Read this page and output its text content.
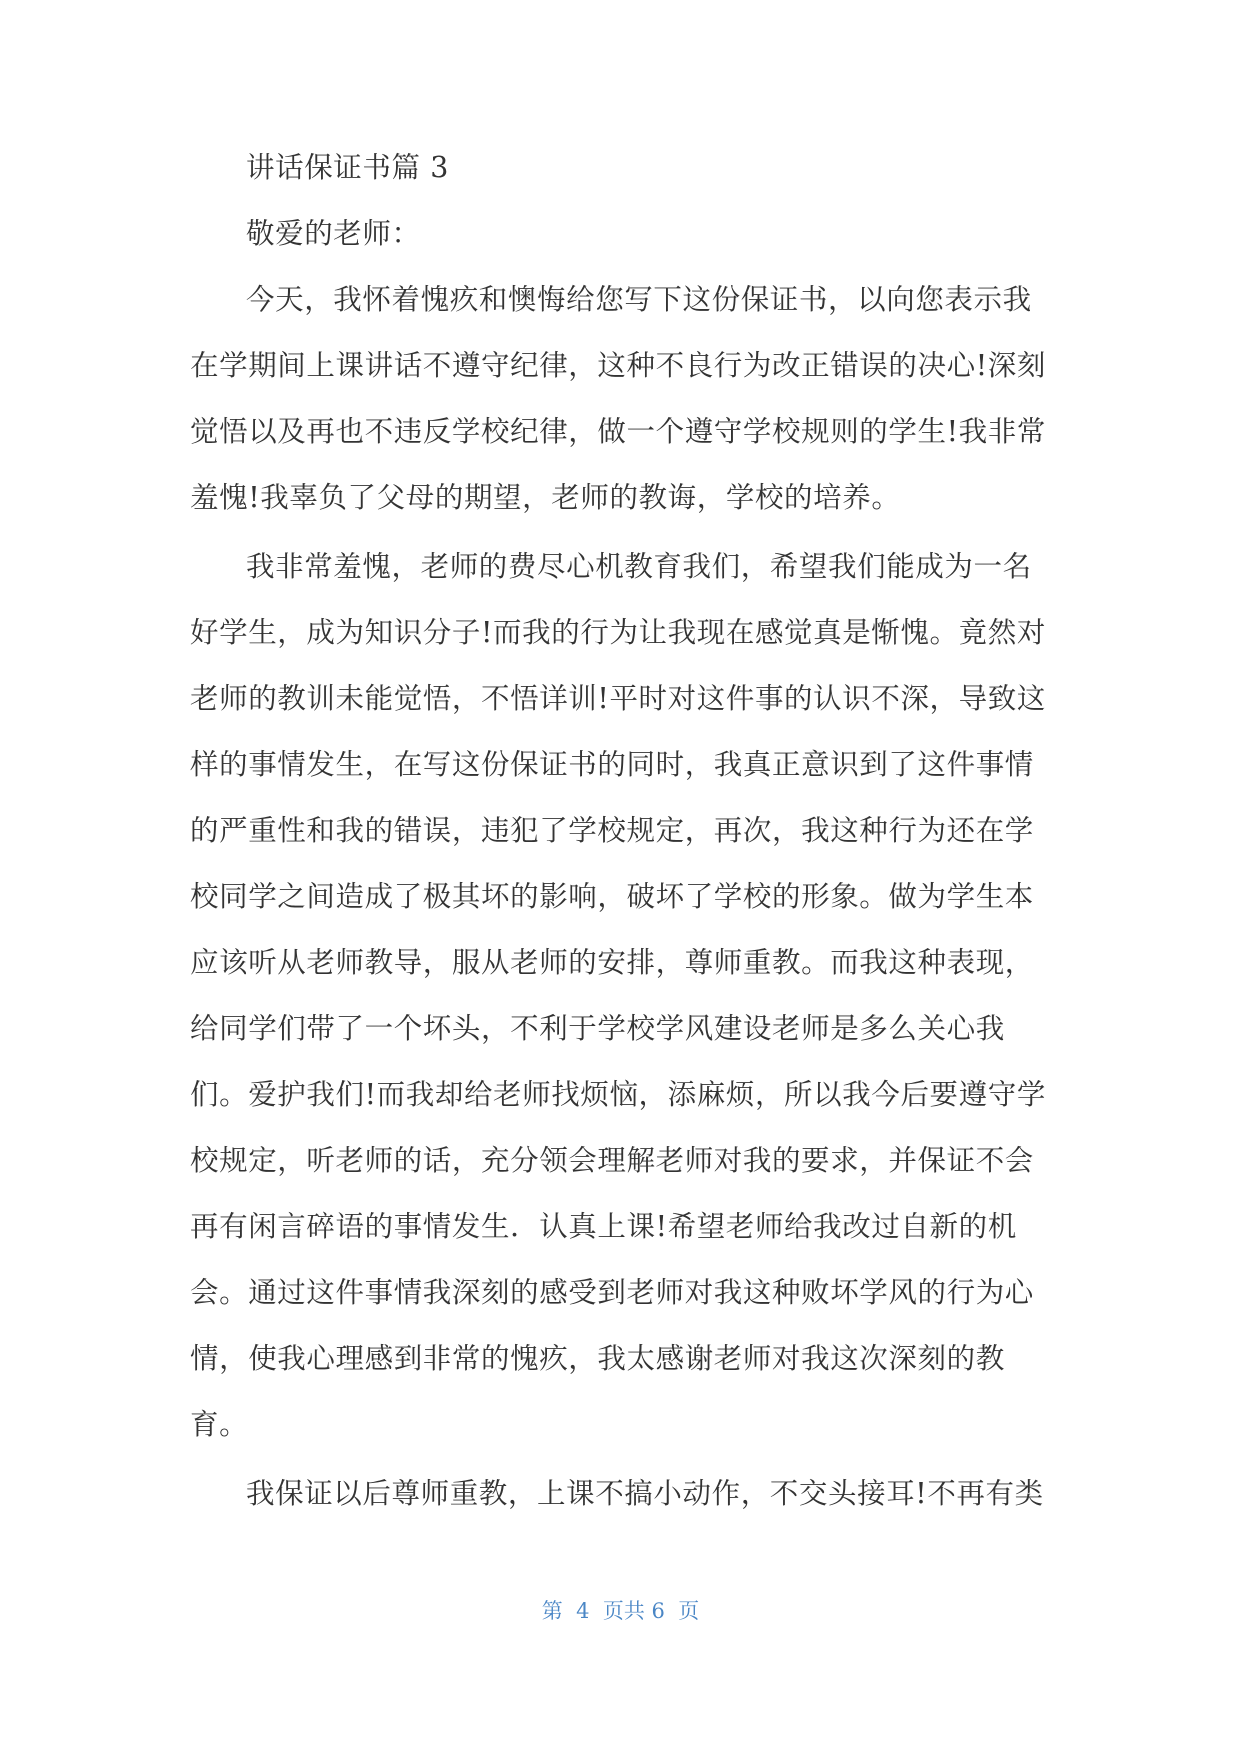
讲话保证书篇 3
敬爱的老师：
今天，我怀着愧疚和懊悔给您写下这份保证书，以向您表示我
在学期间上课讲话不遵守纪律，这种不良行为改正错误的决心!深刻
觉悟以及再也不违反学校纪律，做一个遵守学校规则的学生!我非常
羞愧!我辜负了父母的期望，老师的教诲，学校的培养。
我非常羞愧，老师的费尽心机教育我们，希望我们能成为一名
好学生，成为知识分子!而我的行为让我现在感觉真是惭愧。竟然对
老师的教训未能觉悟，不悟详训!平时对这件事的认识不深，导致这
样的事情发生，在写这份保证书的同时，我真正意识到了这件事情
的严重性和我的错误，违犯了学校规定，再次，我这种行为还在学
校同学之间造成了极其坏的影响，破坏了学校的形象。做为学生本
应该听从老师教导，服从老师的安排，尊师重教。而我这种表现，
给同学们带了一个坏头，不利于学校学风建设老师是多么关心我
们。爱护我们!而我却给老师找烦恼，添麻烦，所以我今后要遵守学
校规定，听老师的话，充分领会理解老师对我的要求，并保证不会
再有闲言碎语的事情发生．认真上课!希望老师给我改过自新的机
会。通过这件事情我深刻的感受到老师对我这种败坏学风的行为心
情，使我心理感到非常的愧疚，我太感谢老师对我这次深刻的教
育。
我保证以后尊师重教，上课不搞小动作，不交头接耳!不再有类
第  4  页共 6  页
